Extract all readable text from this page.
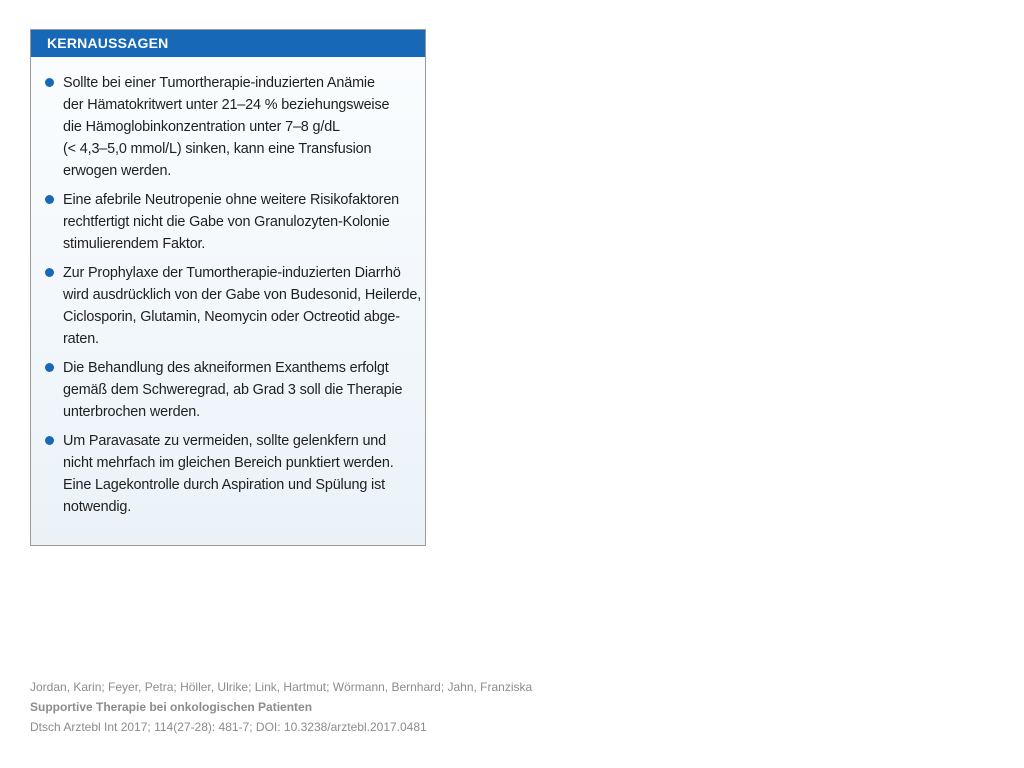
KERNAUSSAGEN
Sollte bei einer Tumortherapie-induzierten Anämie
der Hämatokritwert unter 21–24 % beziehungsweise
die Hämoglobinkonzentration unter 7–8 g/dL
(< 4,3–5,0 mmol/L) sinken, kann eine Transfusion
erwogen werden.
Eine afebrile Neutropenie ohne weitere Risikofaktoren
rechtfertigt nicht die Gabe von Granulozyten-Kolonie
stimulierendem Faktor.
Zur Prophylaxe der Tumortherapie-induzierten Diarrhö
wird ausdrücklich von der Gabe von Budesonid, Heilerde,
Ciclosporin, Glutamin, Neomycin oder Octreotid abge-
raten.
Die Behandlung des akneiformen Exanthems erfolgt
gemäß dem Schweregrad, ab Grad 3 soll die Therapie
unterbrochen werden.
Um Paravasate zu vermeiden, sollte gelenkfern und
nicht mehrfach im gleichen Bereich punktiert werden.
Eine Lagekontrolle durch Aspiration und Spülung ist
notwendig.
Jordan, Karin; Feyer, Petra; Höller, Ulrike; Link, Hartmut; Wörmann, Bernhard; Jahn, Franziska
Supportive Therapie bei onkologischen Patienten
Dtsch Arztebl Int 2017; 114(27-28): 481-7; DOI: 10.3238/arztebl.2017.0481
